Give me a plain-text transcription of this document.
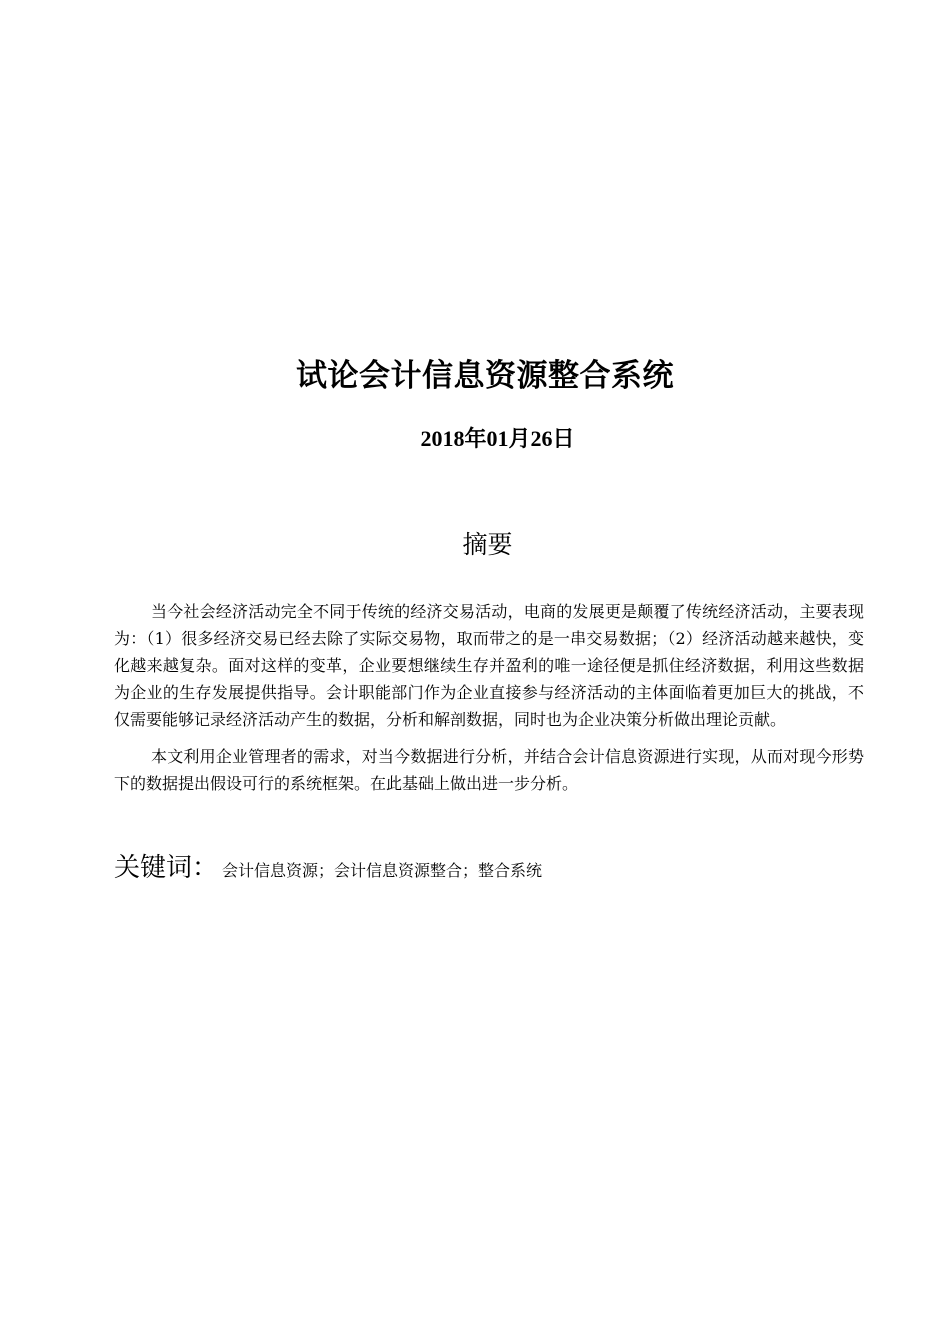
试论会计信息资源整合系统
2018年01月26日
摘要

当今社会经济活动完全不同于传统的经济交易活动，电商的发展更是颠覆了传统经济活动，主要表现为：（1）很多经济交易已经去除了实际交易物，取而带之的是一串交易数据；（2）经济活动越来越快，变化越来越复杂。面对这样的变革，企业要想继续生存并盈利的唯一途径便是抓住经济数据，利用这些数据为企业的生存发展提供指导。会计职能部门作为企业直接参与经济活动的主体面临着更加巨大的挑战，不仅需要能够记录经济活动产生的数据，分析和解剖数据，同时也为企业决策分析做出理论贡献。

本文利用企业管理者的需求，对当今数据进行分析，并结合会计信息资源进行实现，从而对现今形势下的数据提出假设可行的系统框架。在此基础上做出进一步分析。

关键词： 会计信息资源；会计信息资源整合；整合系统
